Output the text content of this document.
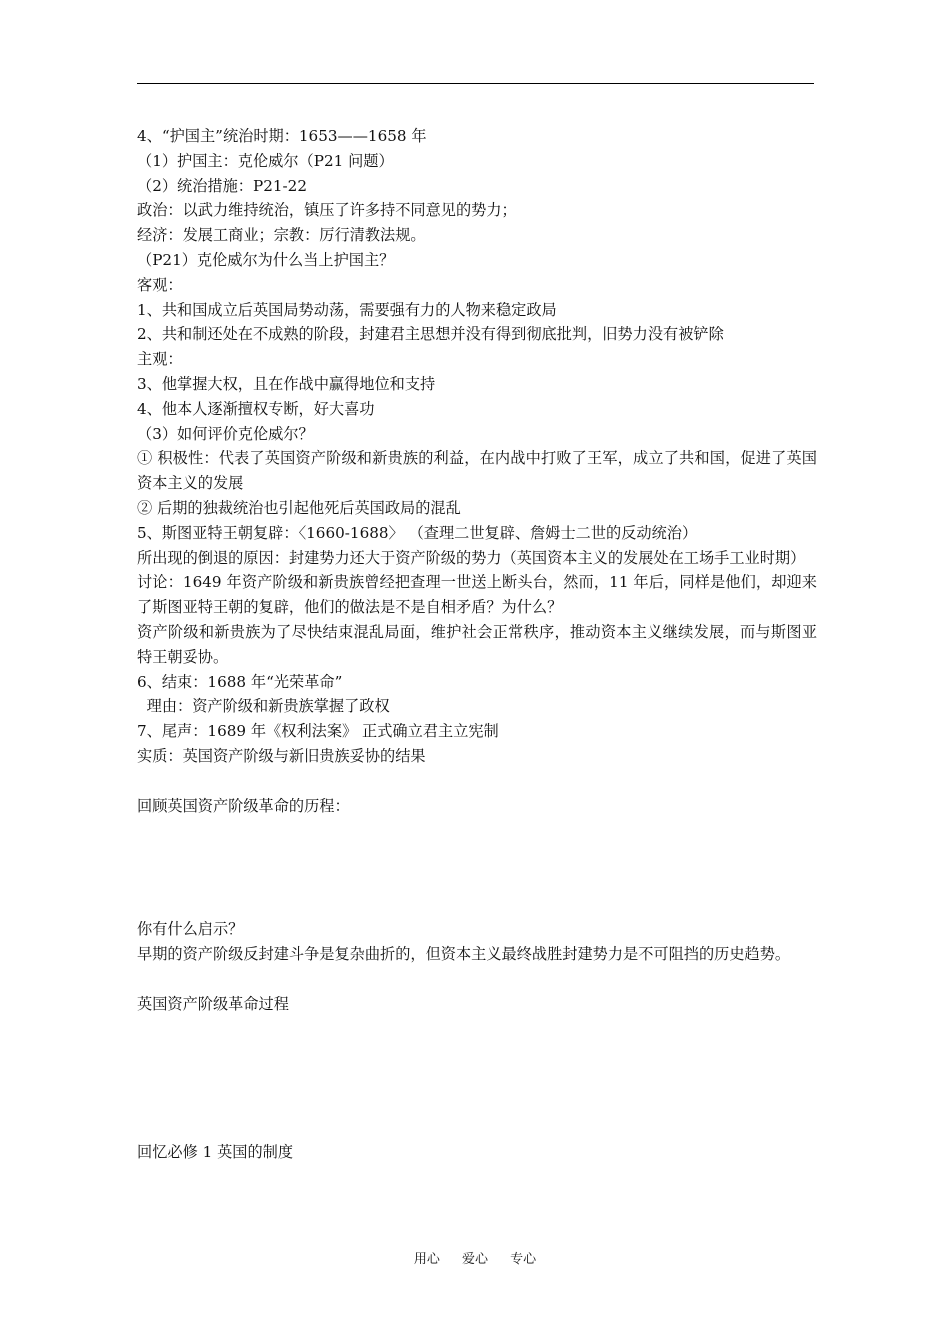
4、“护国主”统治时期：1653——1658 年
（1）护国主：克伦威尔（P21 问题）
（2）统治措施：P21-22
政治：以武力维持统治，镇压了许多持不同意见的势力；
经济：发展工商业；宗教：厉行清教法规。
（P21）克伦威尔为什么当上护国主？
客观：
1、共和国成立后英国局势动荡，需要强有力的人物来稳定政局
2、共和制还处在不成熟的阶段，封建君主思想并没有得到彻底批判，旧势力没有被铲除
主观：
3、他掌握大权，且在作战中赢得地位和支持
4、他本人逐渐擅权专断，好大喜功
（3）如何评价克伦威尔？
① 积极性：代表了英国资产阶级和新贵族的利益，在内战中打败了王军，成立了共和国，促进了英国资本主义的发展
② 后期的独裁统治也引起他死后英国政局的混乱
5、斯图亚特王朝复辟：〈1660-1688〉 （查理二世复辟、詹姆士二世的反动统治）
所出现的倒退的原因：封建势力还大于资产阶级的势力（英国资本主义的发展处在工场手工业时期）
讨论：1649 年资产阶级和新贵族曾经把查理一世送上断头台，然而，11 年后，同样是他们，却迎来了斯图亚特王朝的复辟，他们的做法是不是自相矛盾？为什么？
资产阶级和新贵族为了尽快结束混乱局面，维护社会正常秩序，推动资本主义继续发展，而与斯图亚特王朝妥协。
6、结束：1688 年“光荣革命”
理由：资产阶级和新贵族掌握了政权
7、尾声：1689 年《权利法案》 正式确立君主立宪制
实质：英国资产阶级与新旧贵族妥协的结果
回顾英国资产阶级革命的历程：
你有什么启示？
早期的资产阶级反封建斗争是复杂曲折的，但资本主义最终战胜封建势力是不可阻挡的历史趋势。
英国资产阶级革命过程
回忆必修 1 英国的制度
用心 爱心 专心
